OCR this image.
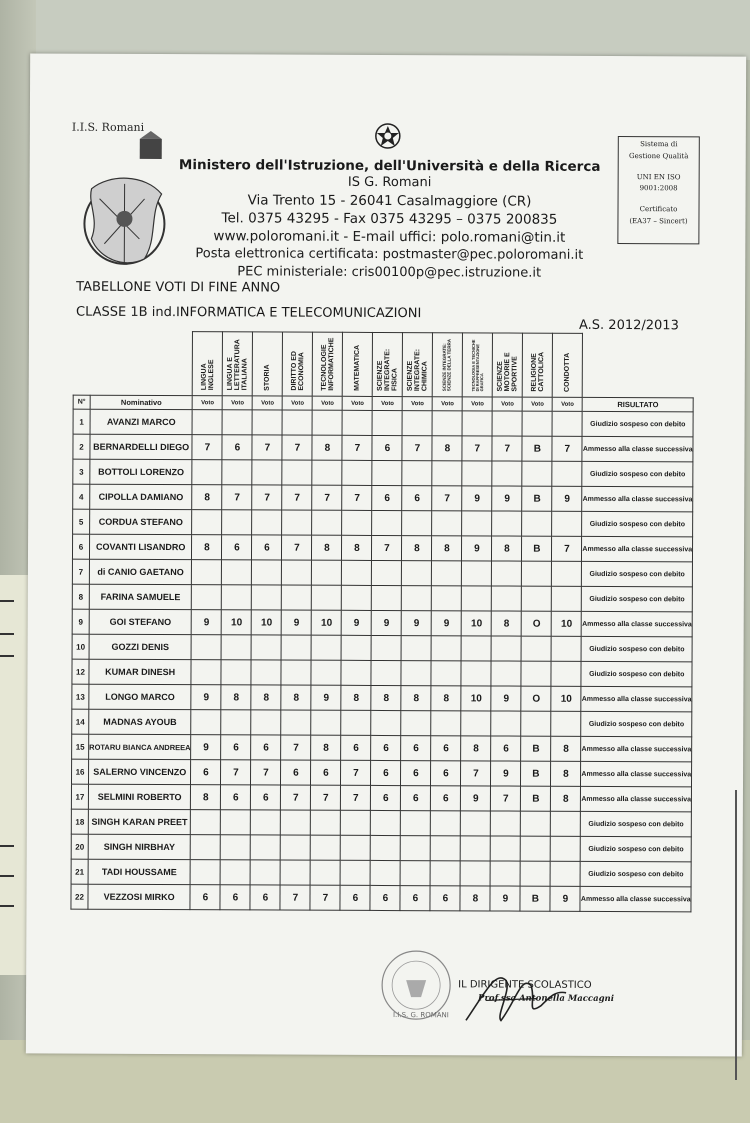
I.I.S. Romani
Ministero dell'Istruzione, dell'Università e della Ricerca
IS G. Romani
Via Trento 15 - 26041 Casalmaggiore (CR)
Tel. 0375 43295 - Fax 0375 43295 – 0375 200835
www.poloromani.it - E-mail uffici: polo.romani@tin.it
Posta elettronica certificata: postmaster@pec.poloromani.it
PEC ministeriale: cris00100p@pec.istruzione.it
Sistema di
Gestione Qualità
UNI EN ISO
9001:2008
Certificato
(EA37 – Sincert)
TABELLONE VOTI DI FINE ANNO
CLASSE 1B ind.INFORMATICA E TELECOMUNICAZIONI
A.S. 2012/2013
		LINGUA INGLESE	LINGUA E LETTERATURA ITALIANA	STORIA	DIRITTO ED ECONOMIA	TECNOLOGIE INFORMATICHE	MATEMATICA	SCIENZE INTEGRATE: FISICA	SCIENZE INTEGRATE: CHIMICA	SCIENZE INTEGRATE: SCIENZE DELLA TERRA	TECNOLOGIA E TECNICHE DI RAPPRESENTAZIONE GRAFICA	SCIENZE MOTORIE E SPORTIVE	RELIGIONE CATTOLICA	CONDOTTA	
N°	Nominativo	Voto	Voto	Voto	Voto	Voto	Voto	Voto	Voto	Voto	Voto	Voto	Voto	Voto	RISULTATO
1	AVANZI MARCO														Giudizio sospeso con debito
2	BERNARDELLI DIEGO	7	6	7	7	8	7	6	7	8	7	7	B	7	Ammesso alla classe successiva
3	BOTTOLI LORENZO														Giudizio sospeso con debito
4	CIPOLLA DAMIANO	8	7	7	7	7	7	6	6	7	9	9	B	9	Ammesso alla classe successiva
5	CORDUA STEFANO														Giudizio sospeso con debito
6	COVANTI LISANDRO	8	6	6	7	8	8	7	8	8	9	8	B	7	Ammesso alla classe successiva
7	di CANIO GAETANO														Giudizio sospeso con debito
8	FARINA SAMUELE														Giudizio sospeso con debito
9	GOI STEFANO	9	10	10	9	10	9	9	9	9	10	8	O	10	Ammesso alla classe successiva
10	GOZZI DENIS														Giudizio sospeso con debito
12	KUMAR DINESH														Giudizio sospeso con debito
13	LONGO MARCO	9	8	8	8	9	8	8	8	8	10	9	O	10	Ammesso alla classe successiva
14	MADNAS AYOUB														Giudizio sospeso con debito
15	ROTARU BIANCA ANDREEA	9	6	6	7	8	6	6	6	6	8	6	B	8	Ammesso alla classe successiva
16	SALERNO VINCENZO	6	7	7	6	6	7	6	6	6	7	9	B	8	Ammesso alla classe successiva
17	SELMINI ROBERTO	8	6	6	7	7	7	6	6	6	9	7	B	8	Ammesso alla classe successiva
18	SINGH KARAN PREET														Giudizio sospeso con debito
20	SINGH NIRBHAY														Giudizio sospeso con debito
21	TADI HOUSSAME														Giudizio sospeso con debito
22	VEZZOSI MIRKO	6	6	6	7	7	6	6	6	6	8	9	B	9	Ammesso alla classe successiva
I.I.S. G. ROMANI
IL DIRIGENTE SCOLASTICO
Prof.ssa Antonella Maccagni
